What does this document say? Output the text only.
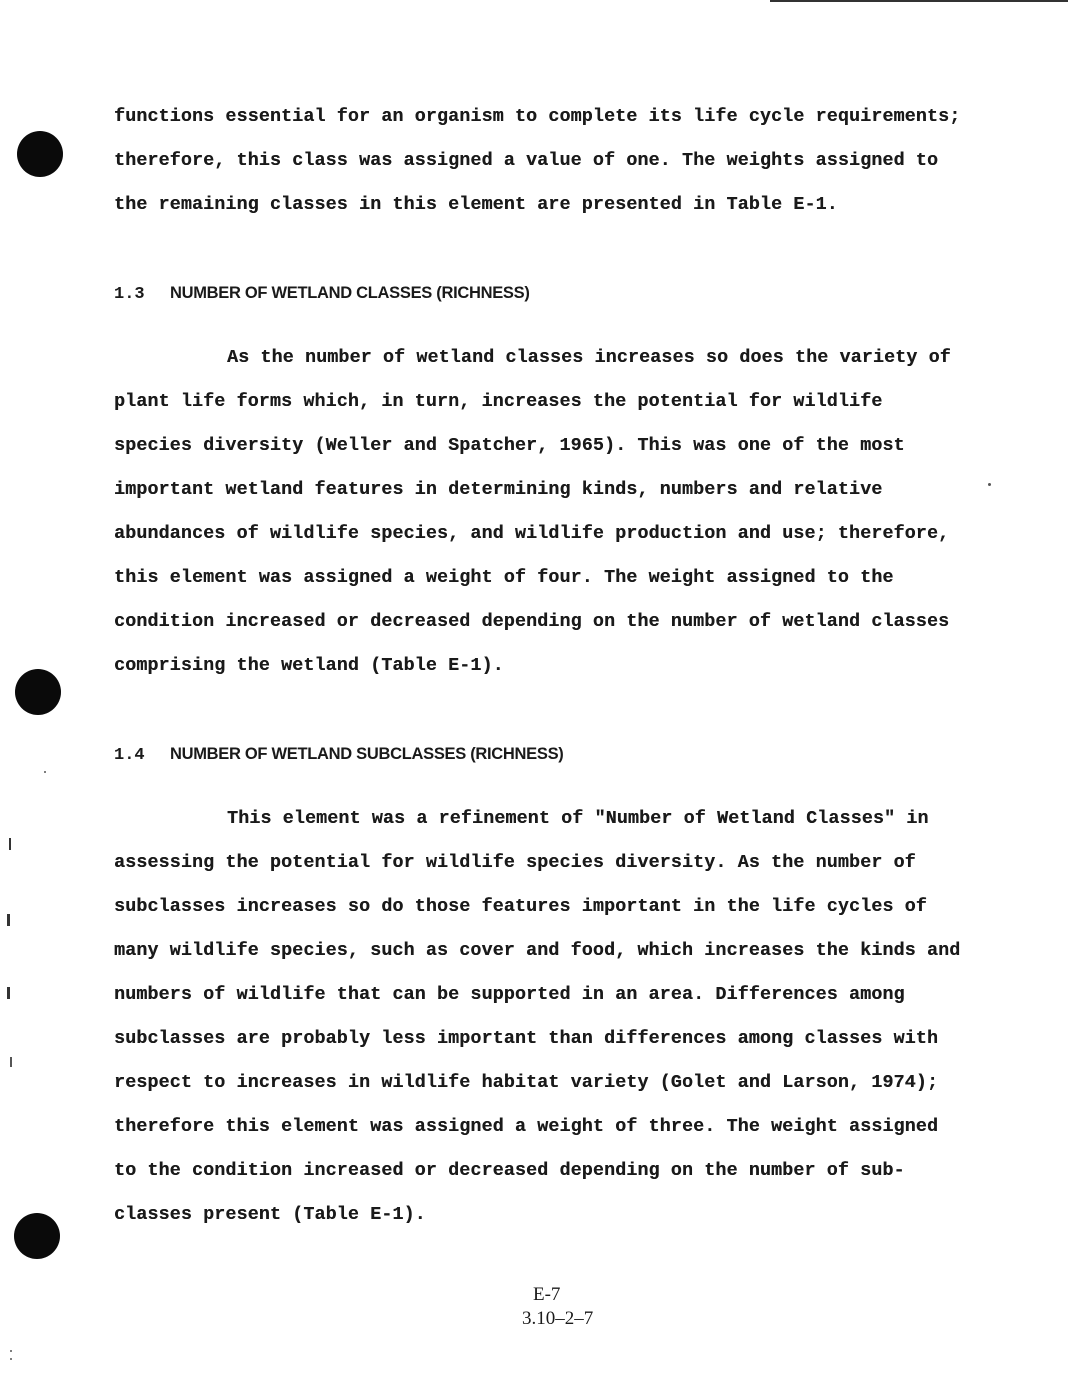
functions essential for an organism to complete its life cycle requirements;
therefore, this class was assigned a value of one. The weights assigned to
the remaining classes in this element are presented in Table E-1.
1.3 NUMBER OF WETLAND CLASSES (RICHNESS)
As the number of wetland classes increases so does the variety of
plant life forms which, in turn, increases the potential for wildlife
species diversity (Weller and Spatcher, 1965). This was one of the most
important wetland features in determining kinds, numbers and relative
abundances of wildlife species, and wildlife production and use; therefore,
this element was assigned a weight of four. The weight assigned to the
condition increased or decreased depending on the number of wetland classes
comprising the wetland (Table E-1).
1.4 NUMBER OF WETLAND SUBCLASSES (RICHNESS)
This element was a refinement of "Number of Wetland Classes" in
assessing the potential for wildlife species diversity. As the number of
subclasses increases so do those features important in the life cycles of
many wildlife species, such as cover and food, which increases the kinds and
numbers of wildlife that can be supported in an area. Differences among
subclasses are probably less important than differences among classes with
respect to increases in wildlife habitat variety (Golet and Larson, 1974);
therefore this element was assigned a weight of three. The weight assigned
to the condition increased or decreased depending on the number of sub-
classes present (Table E-1).
E-7
3.10–2–7
